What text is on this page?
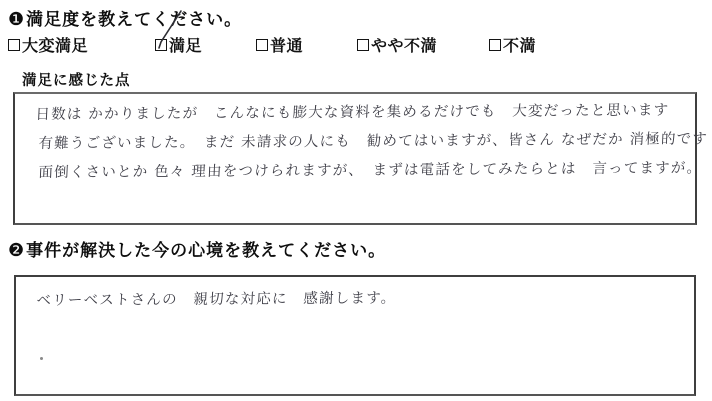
❶満足度を教えてください。
大変満足	満足	普通	やや不満	不満
満足に感じた点
日数は かかりましたが　こんなにも膨大な資料を集めるだけでも　大変だったと思います
有難うございました。　まだ 未請求の人にも　勧めてはいますが、皆さん なぜだか 消極的です
面倒くさいとか 色々 理由をつけられますが、　まずは電話をしてみたらとは　言ってますが。
❷事件が解決した今の心境を教えてください。
ベリーベストさんの　親切な対応に　感謝します。
